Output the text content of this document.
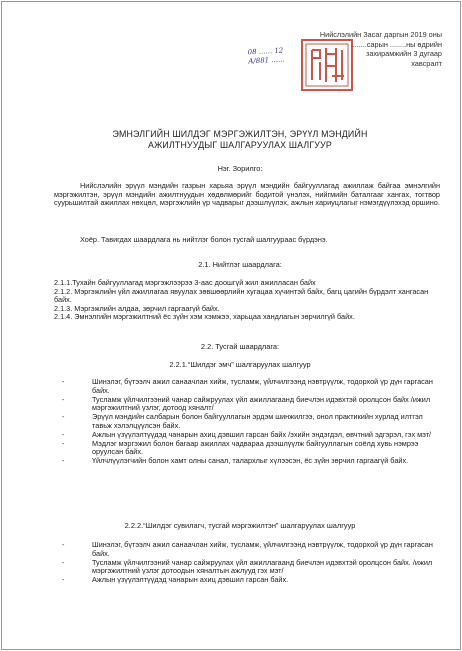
Нийслэлийн Засаг даргын 2019 оны
........сарын ........ны өдрийн
захирамжийн 3 дугаар
хавсралт
08 ...... 12
А/881 ......
ЭМНЭЛГИЙН ШИЛДЭГ МЭРГЭЖИЛТЭН, ЭРҮҮЛ МЭНДИЙН
АЖИЛТНУУДЫГ ШАЛГАРУУЛАХ ШАЛГУУР
Нэг. Зорилго:
Нийслэлийн эрүүл мэндийн газрын харьяа эрүүл мэндийн байгууллагад ажиллаж байгаа эмнэлгийн мэргэжилтэн, эрүүл мэндийн ажилтнуудын хөдөлмөрийг бодитой үнэлэх, нийгмийн баталгааг хангах, тогтвор суурьшилтай ажиллах нөхцөл, мэргэжлийн үр чадварыг дээшлүүлэх, ажлын хариуцлагыг нэмэгдүүлэхэд оршино.
Хоёр. Тавигдах шаардлага нь нийтлэг болон тусгай шалгуураас бүрдэнэ.
2.1. Нийтлэг шаардлага:
2.1.1.Тухайн байгууллагад мэргэжлээрээ 3-аас доошгүй жил ажилласан байх
2.1.2. Мэргэжлийн үйл ажиллагаа явуулах зөвшөөрлийн хугацаа хүчинтэй байх, багц цагийн бүрдэлт хангасан байх.
2.1.3. Мэргэжлийн алдаа, зөрчил гаргаагүй байх.
2.1.4. Эмнэлгийн мэргэжилтний ёс зүйн хэм хэмжээ, харьцаа хандлагын зөрчилгүй байх.
2.2. Тусгай шаардлага:
2.2.1.“Шилдэг эмч” шалгаруулах шалгуур
-	Шинэлэг, бүтээлч ажил санаачлан хийж, тусламж, үйлчилгээнд нэвтрүүлж, тодорхой үр дүн гаргасан байх.
-	Тусламж үйлчилгээний чанар сайжруулах үйл ажиллагаанд биечлэн идэвхтэй оролцсон байх /ижил мэргэжилтний үзлэг, дотоод хяналт/
-	Эрүүл мэндийн салбарын болон байгууллагын эрдэм шинжилгээ, онол практикийн хурлад илтгэл тавьж хэлэлцүүлсэн байх.
-	Ажлын үзүүлэлтүүдэд чанарын ахиц дэвшил гарсан байх /эхийн эндэгдэл, өвчтний эдгэрэл, гэх мэт/
-	Мэдлэг мэргэжил болон багаар ажиллах чадвараа дээшлүүлж байгууллагын соёлд хувь нэмрээ оруулсан байх.
-	Үйлчлүүлэгчийн болон хамт олны санал, талархлыг хүлээсэн, ёс зүйн зөрчил гаргаагүй байх.
2.2.2.“Шилдэг сувилагч, тусгай мэргэжилтэн” шалгаруулах шалгуур
-	Шинэлэг, бүтээлч ажил санаачлан хийж, тусламж, үйлчилгээнд нэвтрүүлж, тодорхой үр дүн гаргасан байх.
-	Тусламж үйлчилгээний чанар сайжруулах үйл ажиллагаанд биечлэн идэвхтэй оролцсон байх. /ижил мэргэжилтний үзлэг дотоодын хяналтын ажлууд гэх мэт/
-	Ажлын үзүүлэлтүүдэд чанарын ахиц дэвшил гарсан байх.
